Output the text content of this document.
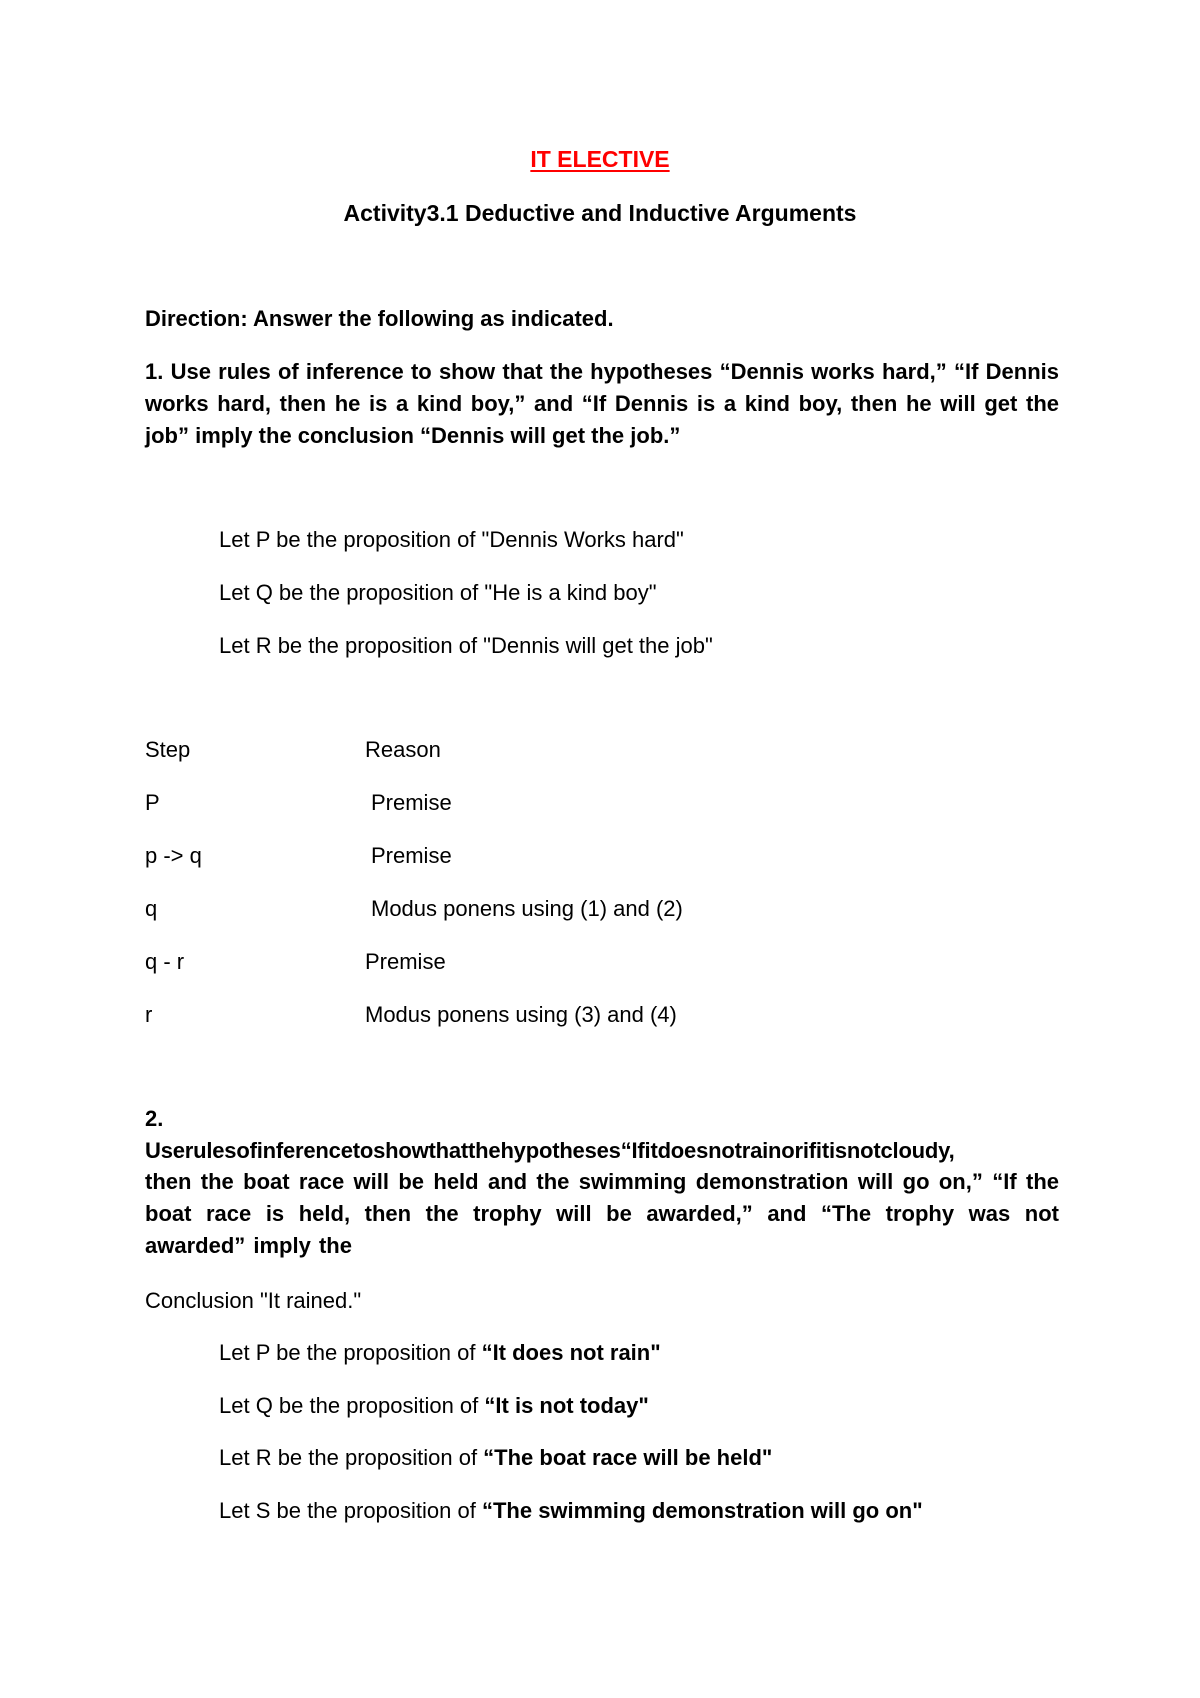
IT ELECTIVE
Activity3.1 Deductive and Inductive Arguments
Direction: Answer the following as indicated.
1. Use rules of inference to show that the hypotheses “Dennis works hard,” “If Dennis works hard, then he is a kind boy,” and “If Dennis is a kind boy, then he will get the job” imply the conclusion “Dennis will get the job.”
Let P be the proposition of "Dennis Works hard"
Let Q be the proposition of "He is a kind boy"
Let R be the proposition of "Dennis will get the job"
Step	Reason
P	Premise
p -> q	Premise
q	Modus ponens using (1) and (2)
q - r	Premise
r	Modus ponens using (3) and (4)
2.
Userulesofinferencetoshowthatthehypotheses“Ifitdoesnotrainorifitisnotcloudy,
then the boat race will be held and the swimming demonstration will go on,” “If the boat race is held, then the trophy will be awarded,” and “The trophy was not awarded” imply the
Conclusion "It rained."
Let P be the proposition of “It does not rain"
Let Q be the proposition of “It is not today"
Let R be the proposition of “The boat race will be held"
Let S be the proposition of “The swimming demonstration will go on"
